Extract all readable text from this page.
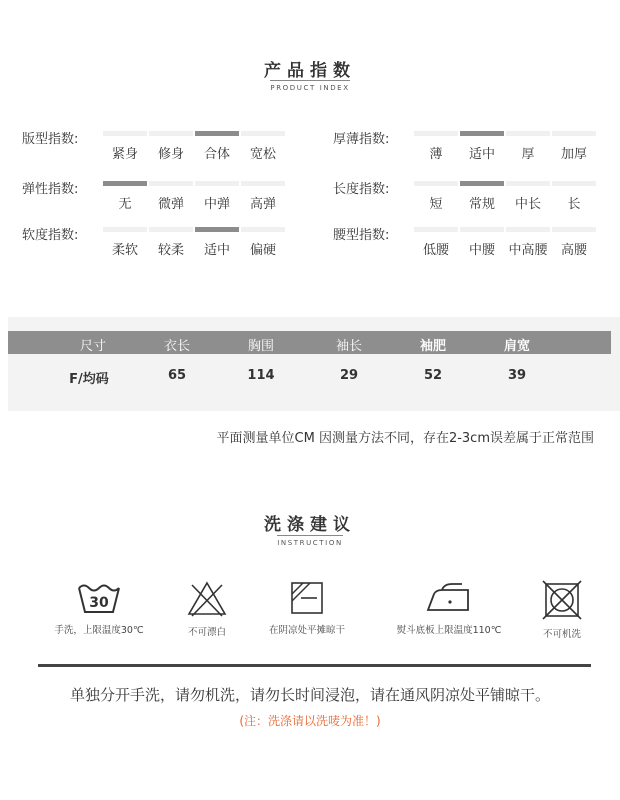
产品指数
PRODUCT INDEX
版型指数:
紧身	修身	合体	宽松
弹性指数:
无	微弹	中弹	高弹
软度指数:
柔软	较柔	适中	偏硬
厚薄指数:
薄	适中	厚	加厚
长度指数:
短	常规	中长	长
腰型指数:
低腰	中腰	中高腰	高腰
尺寸	衣长	胸围	袖长	袖肥	肩宽
F/均码	65	114	29	52	39
平面测量单位CM 因测量方法不同，存在2-3cm误差属于正常范围
洗涤建议
INSTRUCTION
30
手洗，上限温度30℃	不可漂白	在阴凉处平摊晾干	熨斗底板上限温度110℃	不可机洗
单独分开手洗，请勿机洗，请勿长时间浸泡，请在通风阴凉处平铺晾干。
(注：洗涤请以洗唛为准！)
